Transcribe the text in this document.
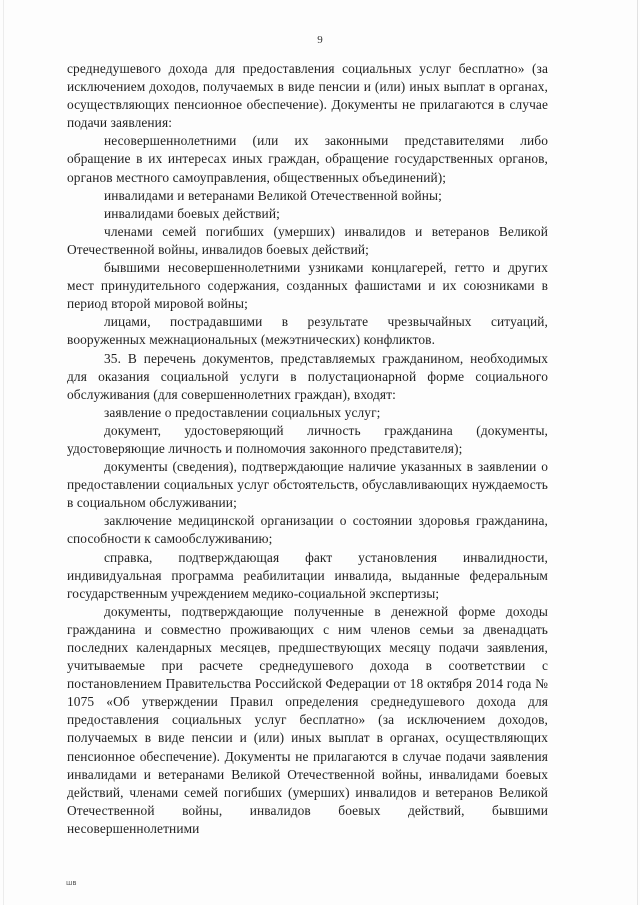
9

среднедушевого дохода для предоставления социальных услуг бесплатно» (за исключением доходов, получаемых в виде пенсии и (или) иных выплат в органах, осуществляющих пенсионное обеспечение). Документы не прилагаются в случае подачи заявления:

несовершеннолетними (или их законными представителями либо обращение в их интересах иных граждан, обращение государственных органов, органов местного самоуправления, общественных объединений);

инвалидами и ветеранами Великой Отечественной войны;

инвалидами боевых действий;

членами семей погибших (умерших) инвалидов и ветеранов Великой Отечественной войны, инвалидов боевых действий;

бывшими несовершеннолетними узниками концлагерей, гетто и других мест принудительного содержания, созданных фашистами и их союзниками в период второй мировой войны;

лицами, пострадавшими в результате чрезвычайных ситуаций, вооруженных межнациональных (межэтнических) конфликтов.

35. В перечень документов, представляемых гражданином, необходимых для оказания социальной услуги в полустационарной форме социального обслуживания (для совершеннолетних граждан), входят:

заявление о предоставлении социальных услуг;

документ, удостоверяющий личность гражданина (документы, удостоверяющие личность и полномочия законного представителя);

документы (сведения), подтверждающие наличие указанных в заявлении о предоставлении социальных услуг обстоятельств, обуславливающих нуждаемость в социальном обслуживании;

заключение медицинской организации о состоянии здоровья гражданина, способности к самообслуживанию;

справка, подтверждающая факт установления инвалидности, индивидуальная программа реабилитации инвалида, выданные федеральным государственным учреждением медико-социальной экспертизы;

документы, подтверждающие полученные в денежной форме доходы гражданина и совместно проживающих с ним членов семьи за двенадцать последних календарных месяцев, предшествующих месяцу подачи заявления, учитываемые при расчете среднедушевого дохода в соответствии с постановлением Правительства Российской Федерации от 18 октября 2014 года № 1075 «Об утверждении Правил определения среднедушевого дохода для предоставления социальных услуг бесплатно» (за исключением доходов, получаемых в виде пенсии и (или) иных выплат в органах, осуществляющих пенсионное обеспечение). Документы не прилагаются в случае подачи заявления инвалидами и ветеранами Великой Отечественной войны, инвалидами боевых действий, членами семей погибших (умерших) инвалидов и ветеранов Великой Отечественной войны, инвалидов боевых действий, бывшими несовершеннолетними

шв
